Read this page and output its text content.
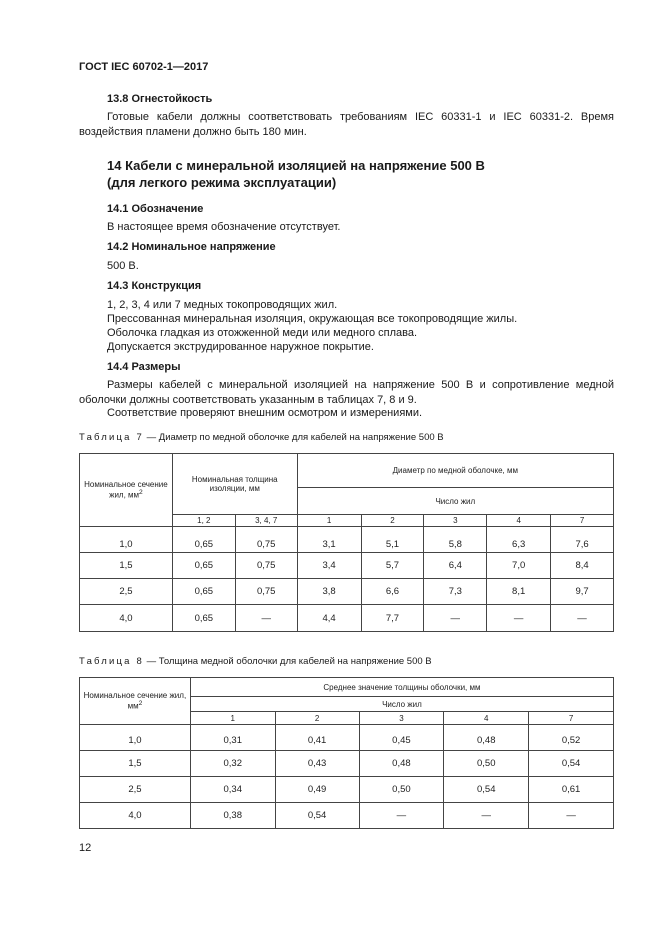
ГОСТ IEC 60702-1—2017
13.8 Огнестойкость

Готовые кабели должны соответствовать требованиям IEC 60331-1 и IEC 60331-2. Время воздействия пламени должно быть 180 мин.

14 Кабели с минеральной изоляцией на напряжение 500 В
(для легкого режима эксплуатации)
14.1 Обозначение
В настоящее время обозначение отсутствует.
14.2 Номинальное напряжение
500 В.
14.3 Конструкция
1, 2, 3, 4 или 7 медных токопроводящих жил.
Прессованная минеральная изоляция, окружающая все токопроводящие жилы.
Оболочка гладкая из отожженной меди или медного сплава.
Допускается экструдированное наружное покрытие.
14.4 Размеры

Размеры кабелей с минеральной изоляцией на напряжение 500 В и сопротивление медной оболочки должны соответствовать указанным в таблицах 7, 8 и 9.

Соответствие проверяют внешним осмотром и измерениями.
Таблица 7 — Диаметр по медной оболочке для кабелей на напряжение 500 В
Номинальное сечение жил, $мм^2$	Номинальная толщина изоляции, мм		Диаметр по медной оболочке, мм				
			Число жил				
	1, 2	3, 4, 7	1	2	3	4	7
1,0	0,65	0,75	3,1	5,1	5,8	6,3	7,6
1,5	0,65	0,75	3,4	5,7	6,4	7,0	8,4
2,5	0,65	0,75	3,8	6,6	7,3	8,1	9,7
4,0	0,65	—	4,4	7,7	—	—	—
Таблица 8 — Толщина медной оболочки для кабелей на напряжение 500 В
Номинальное сечение жил, $мм^2$	Среднее значение толщины оболочки, мм				
	Число жил				
	1	2	3	4	7
1,0	0,31	0,41	0,45	0,48	0,52
1,5	0,32	0,43	0,48	0,50	0,54
2,5	0,34	0,49	0,50	0,54	0,61
4,0	0,38	0,54	—	—	—
12
